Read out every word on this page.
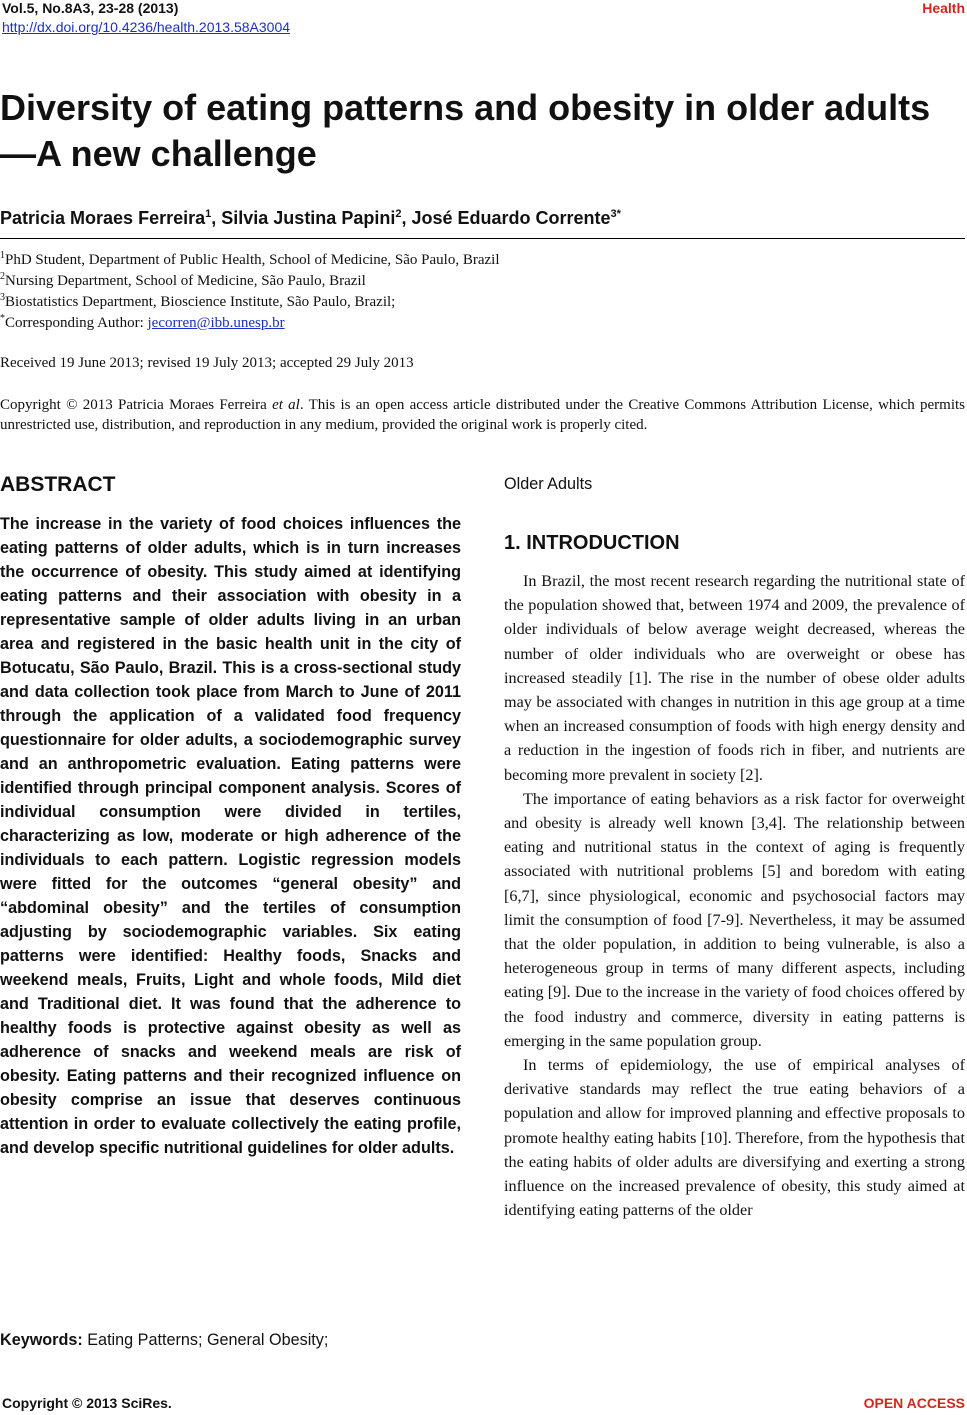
Vol.5, No.8A3, 23-28 (2013)
http://dx.doi.org/10.4236/health.2013.58A3004
Health
Diversity of eating patterns and obesity in older adults—A new challenge
Patricia Moraes Ferreira$^1$, Silvia Justina Papini$^2$, José Eduardo Corrente$^{3*}$
$^1$PhD Student, Department of Public Health, School of Medicine, São Paulo, Brazil
$^2$Nursing Department, School of Medicine, São Paulo, Brazil
$^3$Biostatistics Department, Bioscience Institute, São Paulo, Brazil;
*Corresponding Author: jecorren@ibb.unesp.br
Received 19 June 2013; revised 19 July 2013; accepted 29 July 2013
Copyright © 2013 Patricia Moraes Ferreira et al. This is an open access article distributed under the Creative Commons Attribution License, which permits unrestricted use, distribution, and reproduction in any medium, provided the original work is properly cited.
ABSTRACT

The increase in the variety of food choices influences the eating patterns of older adults, which is in turn increases the occurrence of obesity. This study aimed at identifying eating patterns and their association with obesity in a representative sample of older adults living in an urban area and registered in the basic health unit in the city of Botucatu, São Paulo, Brazil. This is a cross-sectional study and data collection took place from March to June of 2011 through the application of a validated food frequency questionnaire for older adults, a sociodemographic survey and an anthropometric evaluation. Eating patterns were identified through principal component analysis. Scores of individual consumption were divided in tertiles, characterizing as low, moderate or high adherence of the individuals to each pattern. Logistic regression models were fitted for the outcomes “general obesity” and “abdominal obesity” and the tertiles of consumption adjusting by sociodemographic variables. Six eating patterns were identified: Healthy foods, Snacks and weekend meals, Fruits, Light and whole foods, Mild diet and Traditional diet. It was found that the adherence to healthy foods is protective against obesity as well as adherence of snacks and weekend meals are risk of obesity. Eating patterns and their recognized influence on obesity comprise an issue that deserves continuous attention in order to evaluate collectively the eating profile, and develop specific nutritional guidelines for older adults.

Keywords: Eating Patterns; General Obesity;
Older Adults
1. INTRODUCTION

In Brazil, the most recent research regarding the nutritional state of the population showed that, between 1974 and 2009, the prevalence of older individuals of below average weight decreased, whereas the number of older individuals who are overweight or obese has increased steadily [1]. The rise in the number of obese older adults may be associated with changes in nutrition in this age group at a time when an increased consumption of foods with high energy density and a reduction in the ingestion of foods rich in fiber, and nutrients are becoming more prevalent in society [2].

The importance of eating behaviors as a risk factor for overweight and obesity is already well known [3,4]. The relationship between eating and nutritional status in the context of aging is frequently associated with nutritional problems [5] and boredom with eating [6,7], since physiological, economic and psychosocial factors may limit the consumption of food [7-9]. Nevertheless, it may be assumed that the older population, in addition to being vulnerable, is also a heterogeneous group in terms of many different aspects, including eating [9]. Due to the increase in the variety of food choices offered by the food industry and commerce, diversity in eating patterns is emerging in the same population group.

In terms of epidemiology, the use of empirical analyses of derivative standards may reflect the true eating behaviors of a population and allow for improved planning and effective proposals to promote healthy eating habits [10]. Therefore, from the hypothesis that the eating habits of older adults are diversifying and exerting a strong influence on the increased prevalence of obesity, this study aimed at identifying eating patterns of the older

Copyright © 2013 SciRes.	OPEN ACCESS
